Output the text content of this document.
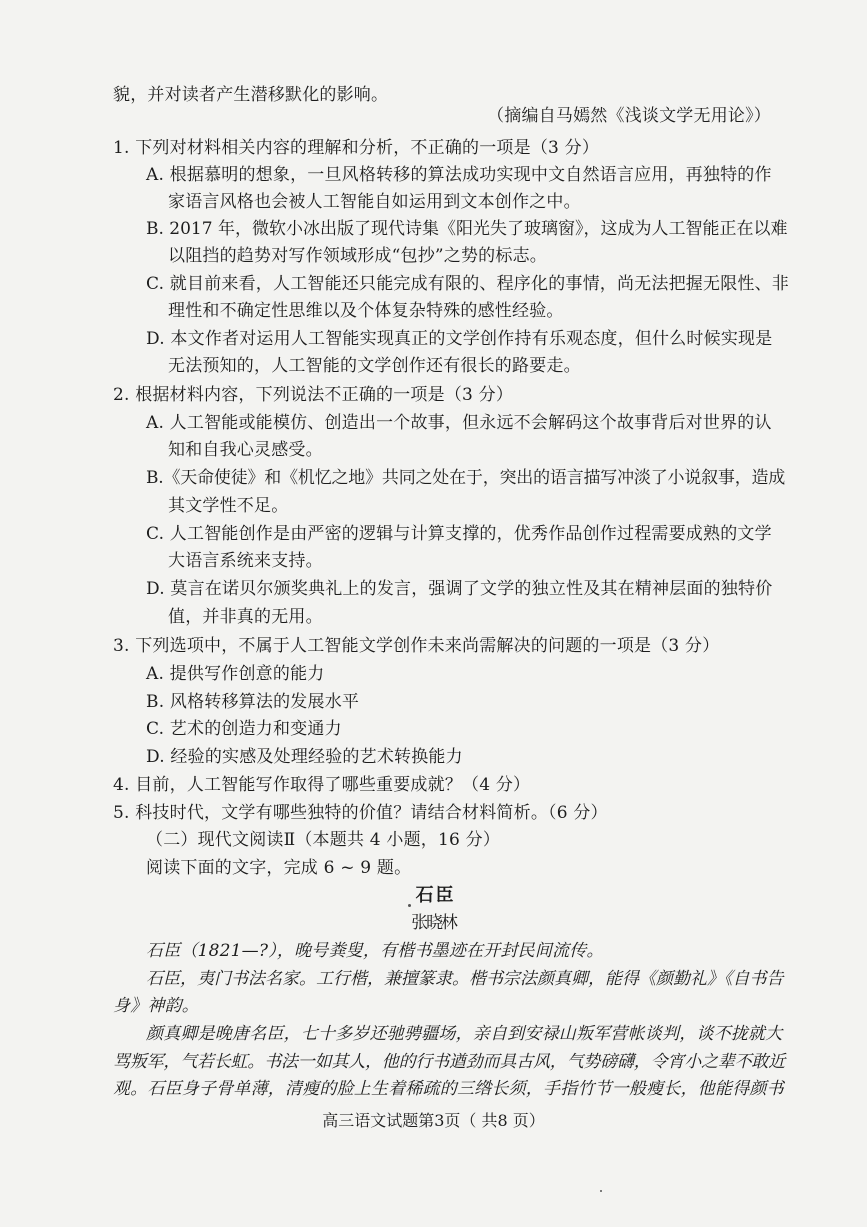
貌，并对读者产生潜移默化的影响。
（摘编自马嫣然《浅谈文学无用论》）
1. 下列对材料相关内容的理解和分析，不正确的一项是（3 分）
A. 根据慕明的想象，一旦风格转移的算法成功实现中文自然语言应用，再独特的作
家语言风格也会被人工智能自如运用到文本创作之中。
B. 2017 年，微软小冰出版了现代诗集《阳光失了玻璃窗》，这成为人工智能正在以难
以阻挡的趋势对写作领域形成“包抄”之势的标志。
C. 就目前来看，人工智能还只能完成有限的、程序化的事情，尚无法把握无限性、非
理性和不确定性思维以及个体复杂特殊的感性经验。
D. 本文作者对运用人工智能实现真正的文学创作持有乐观态度，但什么时候实现是
无法预知的，人工智能的文学创作还有很长的路要走。
2. 根据材料内容，下列说法不正确的一项是（3 分）
A. 人工智能或能模仿、创造出一个故事，但永远不会解码这个故事背后对世界的认
知和自我心灵感受。
B.《天命使徒》和《机忆之地》共同之处在于，突出的语言描写冲淡了小说叙事，造成
其文学性不足。
C. 人工智能创作是由严密的逻辑与计算支撑的，优秀作品创作过程需要成熟的文学
大语言系统来支持。
D. 莫言在诺贝尔颁奖典礼上的发言，强调了文学的独立性及其在精神层面的独特价
值，并非真的无用。
3. 下列选项中，不属于人工智能文学创作未来尚需解决的问题的一项是（3 分）
A. 提供写作创意的能力
B. 风格转移算法的发展水平
C. 艺术的创造力和变通力
D. 经验的实感及处理经验的艺术转换能力
4. 目前，人工智能写作取得了哪些重要成就？（4 分）
5. 科技时代，文学有哪些独特的价值？请结合材料简析。（6 分）
（二）现代文阅读Ⅱ（本题共 4 小题，16 分）
阅读下面的文字，完成 6 ~ 9 题。
石 臣
张晓林
石臣（1821—?），晚号粪叟，有楷书墨迹在开封民间流传。
石臣，夷门书法名家。工行楷，兼擅篆隶。楷书宗法颜真卿，能得《颜勤礼》《自书告
身》神韵。
颜真卿是晚唐名臣，七十多岁还驰骋疆场，亲自到安禄山叛军营帐谈判，谈不拢就大
骂叛军，气若长虹。书法一如其人，他的行书遒劲而具古风，气势磅礴，令宵小之辈不敢近
观。石臣身子骨单薄，清瘦的脸上生着稀疏的三绺长须，手指竹节一般瘦长，他能得颜书
高三语文试题第3页（ 共8 页）
